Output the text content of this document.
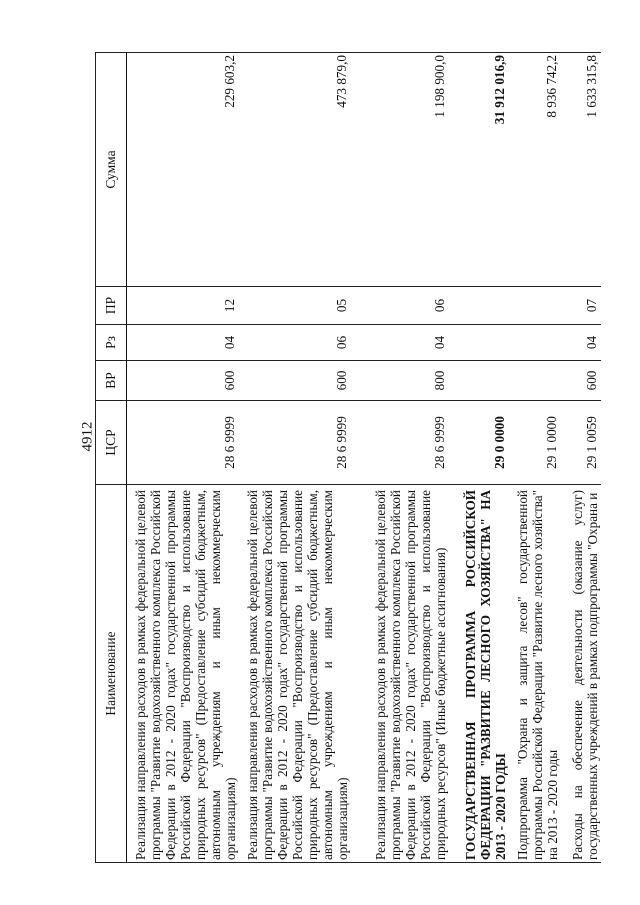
4912
Наименование	ЦСР	ВР	Рз	ПР	Сумма
Реализация направления расходов в рамках федеральной целевой программы "Развитие водохозяйственного комплекса Российской Федерации в 2012 - 2020 годах" государственной программы Российской Федерации "Воспроизводство и использование природных ресурсов" (Предоставление субсидий бюджетным, автономным учреждениям и иным некоммерческим организациям)	28 6 9999	600	04	12	229 603,2
Реализация направления расходов в рамках федеральной целевой программы "Развитие водохозяйственного комплекса Российской Федерации в 2012 - 2020 годах" государственной программы Российской Федерации "Воспроизводство и использование природных ресурсов" (Предоставление субсидий бюджетным, автономным учреждениям и иным некоммерческим организациям)	28 6 9999	600	06	05	473 879,0
Реализация направления расходов в рамках федеральной целевой программы "Развитие водохозяйственного комплекса Российской Федерации в 2012 - 2020 годах" государственной программы Российской Федерации "Воспроизводство и использование природных ресурсов" (Иные бюджетные ассигнования)	28 6 9999	800	04	06	1 198 900,0
ГОСУДАРСТВЕННАЯ ПРОГРАММА РОССИЙСКОЙ ФЕДЕРАЦИИ "РАЗВИТИЕ ЛЕСНОГО ХОЗЯЙСТВА" НА 2013 - 2020 ГОДЫ	29 0 0000				31 912 016,9
Подпрограмма "Охрана и защита лесов" государственной программы Российской Федерации "Развитие лесного хозяйства" на 2013 - 2020 годы	29 1 0000				8 936 742,2
Расходы на обеспечение деятельности (оказание услуг) государственных учреждений в рамках подпрограммы "Охрана и	29 1 0059	600	04	07	1 633 315,8
